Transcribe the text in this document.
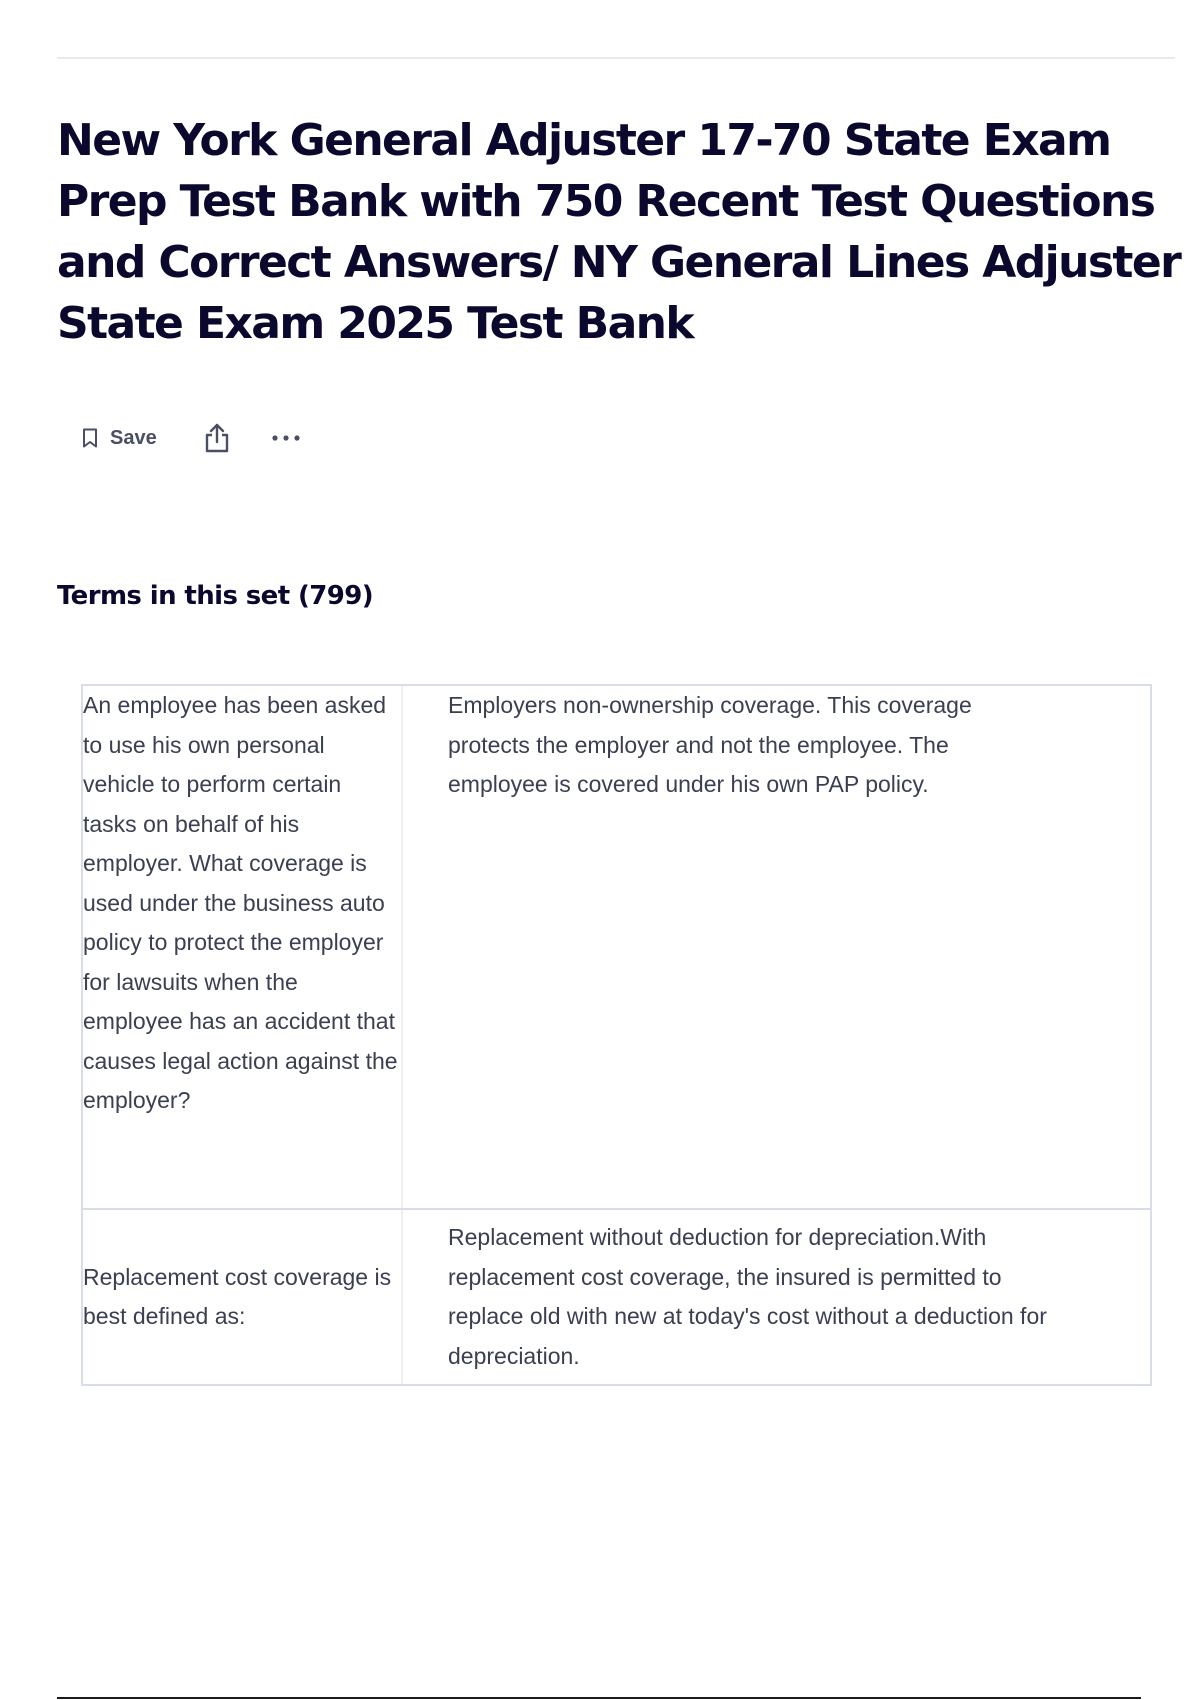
New York General Adjuster 17-70 State Exam Prep Test Bank with 750 Recent Test Questions and Correct Answers/ NY General Lines Adjuster State Exam 2025 Test Bank
Save
Terms in this set (799)
An employee has been asked to use his own personal vehicle to perform certain tasks on behalf of his employer. What coverage is used under the business auto policy to protect the employer for lawsuits when the employee has an accident that causes legal action against the employer?
Employers non-ownership coverage. This coverage protects the employer and not the employee. The employee is covered under his own PAP policy.
Replacement cost coverage is best defined as:
Replacement without deduction for depreciation.With replacement cost coverage, the insured is permitted to replace old with new at today's cost without a deduction for depreciation.
